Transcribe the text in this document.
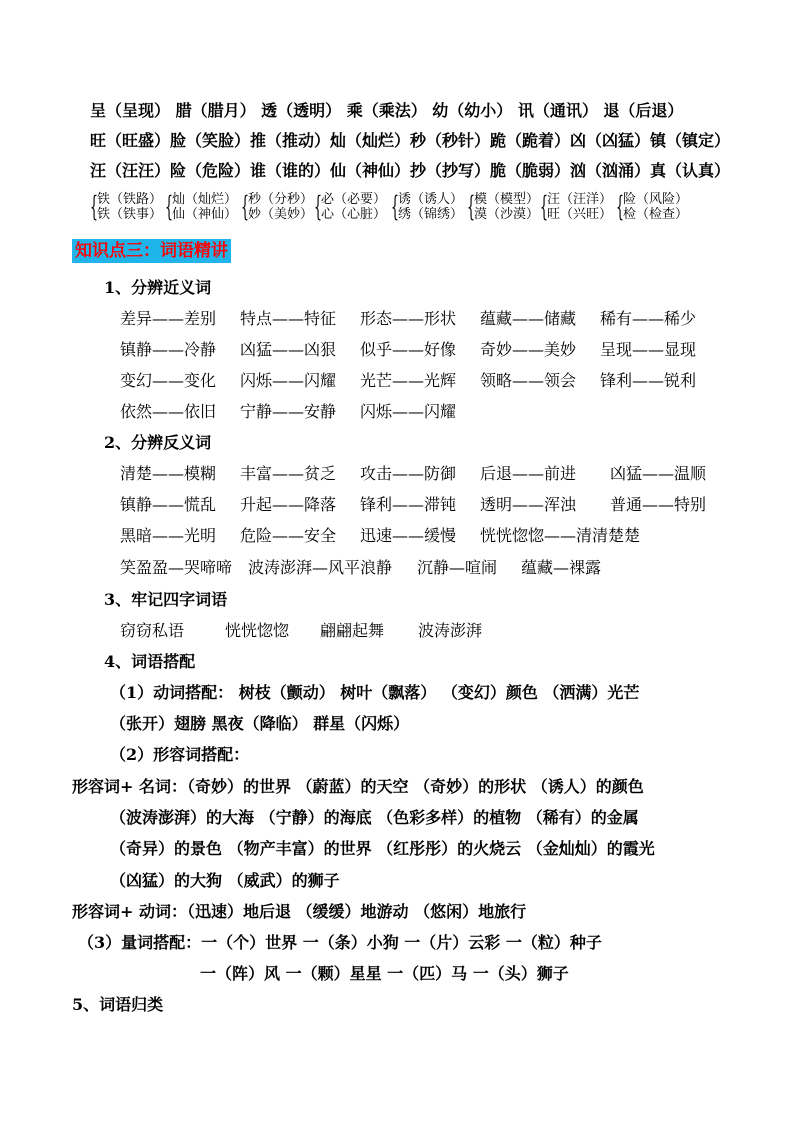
呈（呈现） 腊（腊月） 透（透明） 乘（乘法） 幼（幼小） 讯（通讯） 退（后退）
旺（旺盛）脸（笑脸）推（推动）灿（灿烂）秒（秒针）跪（跪着）凶（凶猛）镇（镇定）
汪（汪汪）险（危险）谁（谁的）仙（神仙）抄（抄写）脆（脆弱）汹（汹涌）真（认真）
{
铁（铁路）
铁（铁事） {
灿（灿烂）
仙（神仙） {
秒（分秒）
妙（美妙） {
必（必要）
心（心脏） {
诱（诱人）
绣（锦绣） {
模（模型）
漠（沙漠） {
汪（汪洋）
旺（兴旺） {
险（风险）
检（检查）
知识点三：词语精讲
1、分辨近义词
差异——差别 特点——特征 形态——形状 蕴藏——储藏 稀有——稀少
镇静——冷静 凶猛——凶狠 似乎——好像 奇妙——美妙 呈现——显现
变幻——变化 闪烁——闪耀 光芒——光辉 领略——领会 锋利——锐利
依然——依旧 宁静——安静 闪烁——闪耀
2、分辨反义词
清楚——模糊 丰富——贫乏 攻击——防御 后退——前进 凶猛——温顺
镇静——慌乱 升起——降落 锋利——滞钝 透明——浑浊 普通——特别
黑暗——光明 危险——安全 迅速——缓慢 恍恍惚惚——清清楚楚
笑盈盈—哭啼啼 波涛澎湃—风平浪静 沉静—喧闹 蕴藏—裸露
3、牢记四字词语
窃窃私语	恍恍惚惚 翩翩起舞 波涛澎湃
4、词语搭配
（1）动词搭配： 树枝（颤动） 树叶（飘落） （变幻）颜色 （洒满）光芒
（张开）翅膀 黑夜（降临） 群星（闪烁）
（2）形容词搭配：
形容词+ 名词：（奇妙）的世界 （蔚蓝）的天空 （奇妙）的形状 （诱人）的颜色
（波涛澎湃）的大海 （宁静）的海底 （色彩多样）的植物 （稀有）的金属
（奇异）的景色 （物产丰富）的世界 （红彤彤）的火烧云 （金灿灿）的霞光
（凶猛）的大狗 （威武）的狮子
形容词+ 动词：（迅速）地后退 （缓缓）地游动 （悠闲）地旅行
（3）量词搭配：一（个）世界 一（条）小狗 一（片）云彩 一（粒）种子
一（阵）风 一（颗）星星 一（匹）马 一（头）狮子
5、词语归类
